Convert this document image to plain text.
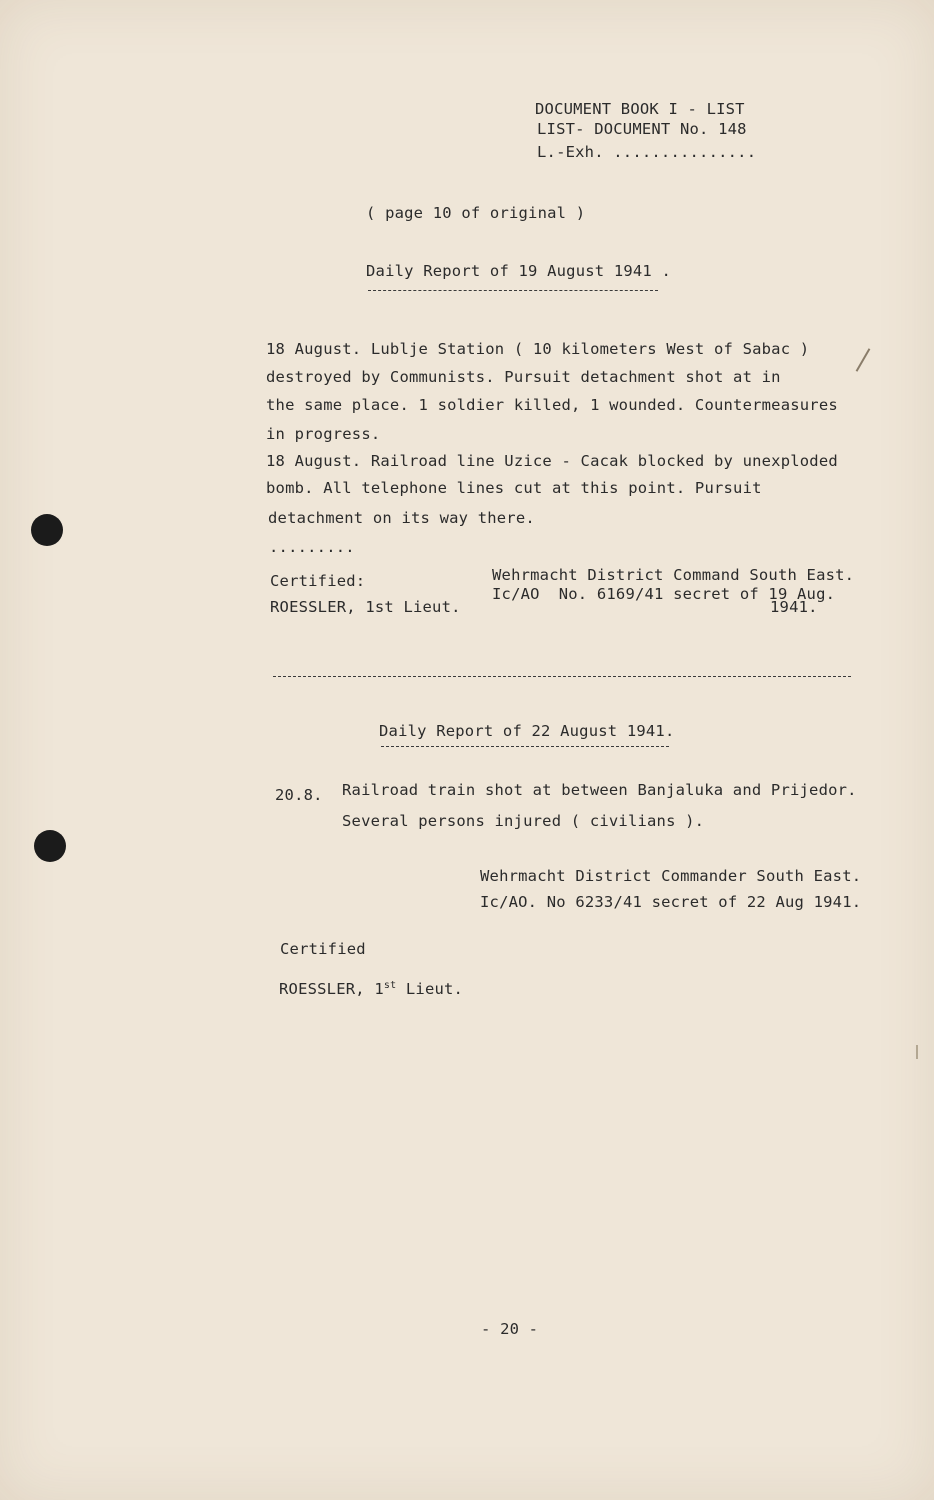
DOCUMENT BOOK I - LIST
LIST- DOCUMENT No. 148
L.-Exh. ...............
( page 10 of original )
Daily Report of 19 August 1941 .
18 August. Lublje Station ( 10 kilometers West of Sabac )
destroyed by Communists. Pursuit detachment shot at in
the same place. 1 soldier killed, 1 wounded. Countermeasures
in progress.
18 August. Railroad line Uzice - Cacak blocked by unexploded
bomb. All telephone lines cut at this point. Pursuit
detachment on its way there.
.........
Certified:
ROESSLER, 1st Lieut.
Wehrmacht District Command South East.
Ic/AO  No. 6169/41 secret of 19 Aug.
1941.
Daily Report of 22 August 1941.
20.8. Railroad train shot at between Banjaluka and Prijedor.
Several persons injured ( civilians ).
Wehrmacht District Commander South East.
Ic/AO. No 6233/41 secret of 22 Aug 1941.
Certified
ROESSLER, 1st Lieut.
- 20 -
